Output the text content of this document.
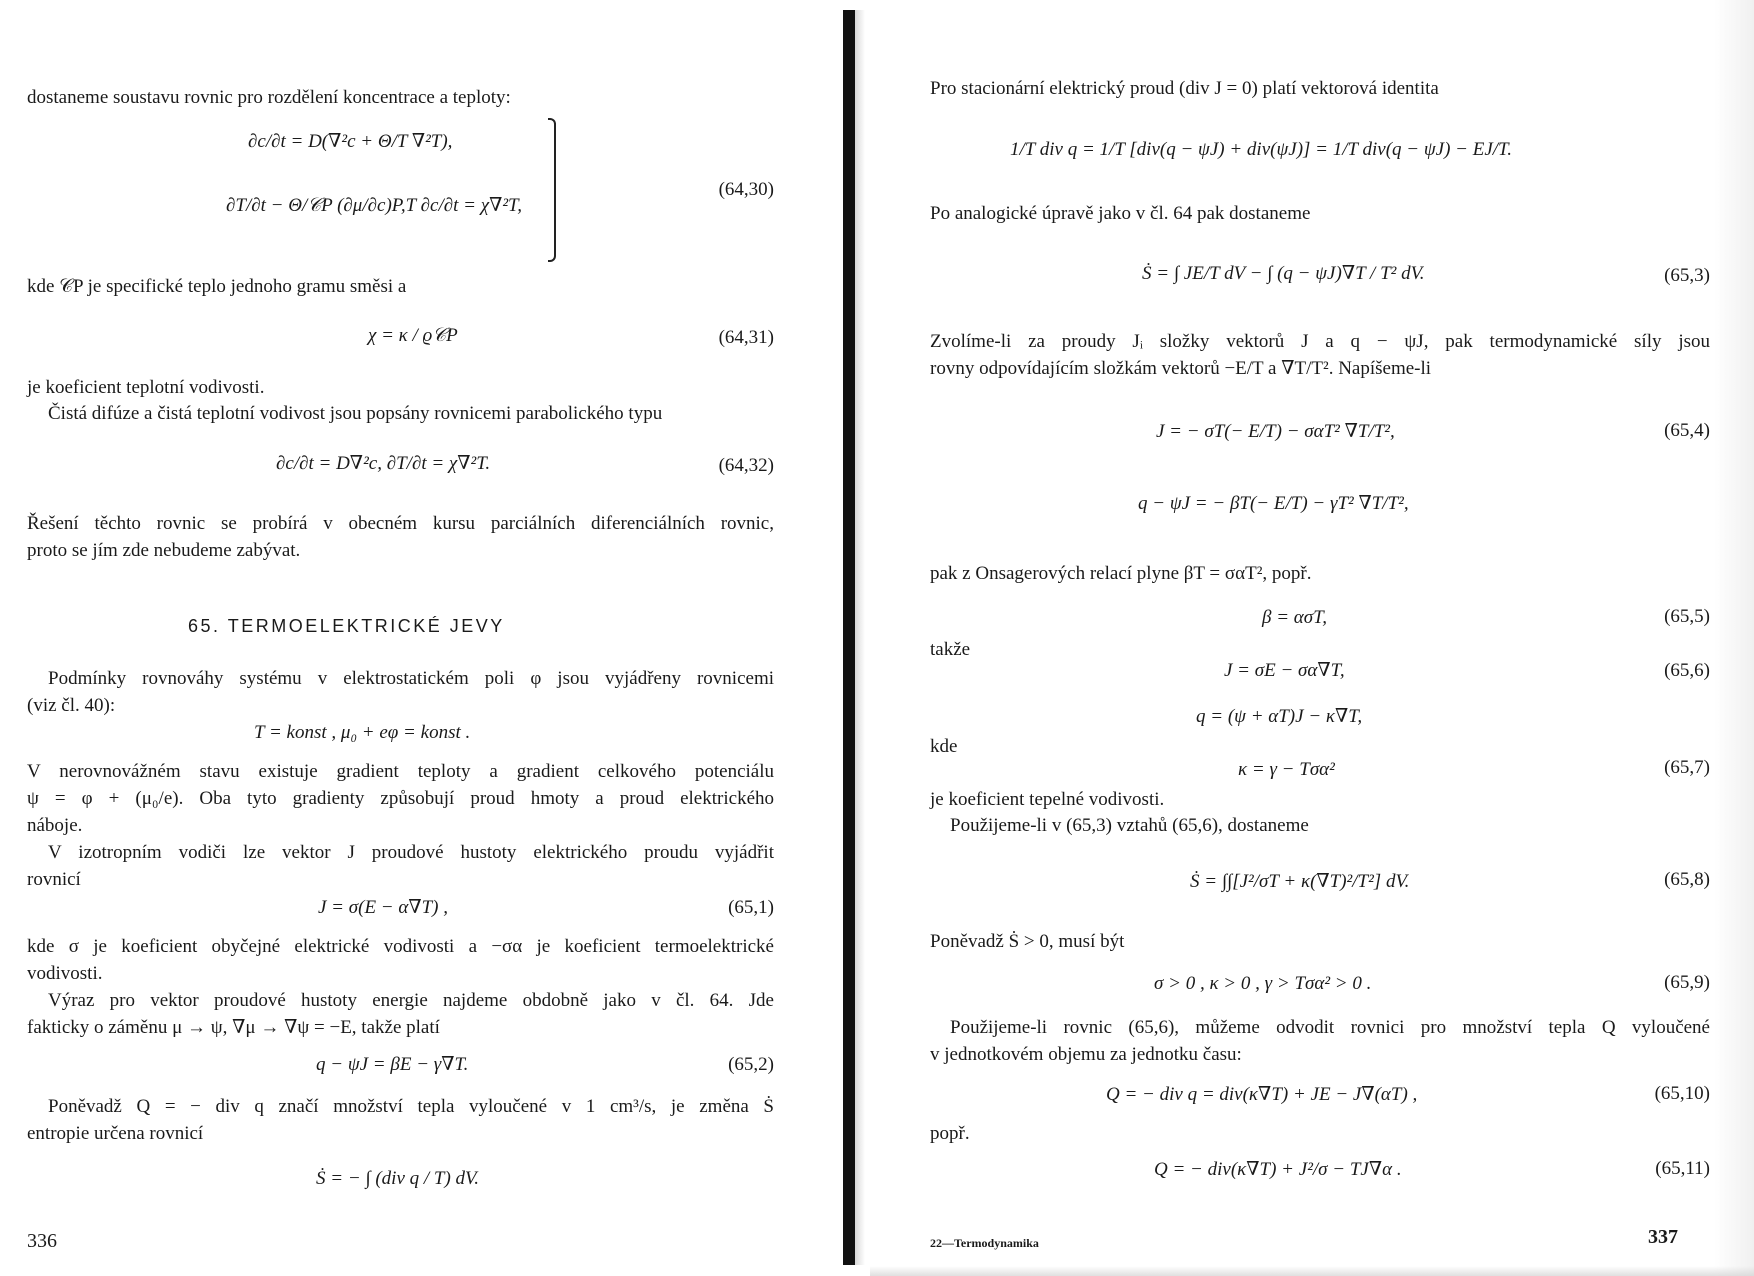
dostaneme soustavu rovnic pro rozdělení koncentrace a teploty:
∂c/∂t = D(∇²c + Θ/T ∇²T),
∂T/∂t − Θ/𝒞P (∂μ/∂c)P,T ∂c/∂t = χ∇²T,
(64,30)
kde 𝒞P je specifické teplo jednoho gramu směsi a
χ = κ / ϱ𝒞P	(64,31)
je koeficient teplotní vodivosti.
Čistá difúze a čistá teplotní vodivost jsou popsány rovnicemi parabolického typu
∂c/∂t = D∇²c, ∂T/∂t = χ∇²T.	(64,32)
Řešení těchto rovnic se probírá v obecném kursu parciálních diferenciálních rovnic,
proto se jím zde nebudeme zabývat.
65. TERMOELEKTRICKÉ JEVY
Podmínky rovnováhy systému v elektrostatickém poli φ jsou vyjádřeny rovnicemi
(viz čl. 40):
T = konst , μ₀ + eφ = konst .
V nerovnovážném stavu existuje gradient teploty a gradient celkového potenciálu
ψ = φ + (μ₀/e). Oba tyto gradienty způsobují proud hmoty a proud elektrického
náboje.
V izotropním vodiči lze vektor J proudové hustoty elektrického proudu vyjádřit
rovnicí
J = σ(E − α∇T) ,	(65,1)
kde σ je koeficient obyčejné elektrické vodivosti a −σα je koeficient termoelektrické
vodivosti.
Výraz pro vektor proudové hustoty energie najdeme obdobně jako v čl. 64. Jde
fakticky o záměnu μ → ψ, ∇μ → ∇ψ = −E, takže platí
q − ψJ = βE − γ∇T.	(65,2)
Poněvadž Q = − div q značí množství tepla vyloučené v 1 cm³/s, je změna Ṡ
entropie určena rovnicí
Ṡ = − ∫ (div q / T) dV.
336
Pro stacionární elektrický proud (div J = 0) platí vektorová identita
1/T div q = 1/T [div(q − ψJ) + div(ψJ)] = 1/T div(q − ψJ) − EJ/T.
Po analogické úpravě jako v čl. 64 pak dostaneme
Ṡ = ∫ JE/T dV − ∫ (q − ψJ)∇T / T² dV.	(65,3)
Zvolíme-li za proudy Jᵢ složky vektorů J a q − ψJ, pak termodynamické síly jsou
rovny odpovídajícím složkám vektorů −E/T a ∇T/T². Napíšeme-li
J = − σT(− E/T) − σαT² ∇T/T²,
q − ψJ = − βT(− E/T) − γT² ∇T/T²,
(65,4)
pak z Onsagerových relací plyne βT = σαT², popř.
β = ασT,	(65,5)
takže
J = σE − σα∇T,
q = (ψ + αT)J − κ∇T,
(65,6)
kde
κ = γ − Tσα²	(65,7)
je koeficient tepelné vodivosti.
Použijeme-li v (65,3) vztahů (65,6), dostaneme
Ṡ = ∫∫[J²/σT + κ(∇T)²/T²] dV.	(65,8)
Poněvadž Ṡ > 0, musí být
σ > 0 , κ > 0 , γ > Tσα² > 0 .	(65,9)
Použijeme-li rovnic (65,6), můžeme odvodit rovnici pro množství tepla Q vyloučené
v jednotkovém objemu za jednotku času:
Q = − div q = div(κ∇T) + JE − J∇(αT) ,	(65,10)
popř.
Q = − div(κ∇T) + J²/σ − TJ∇α .	(65,11)
22—Termodynamika	337
